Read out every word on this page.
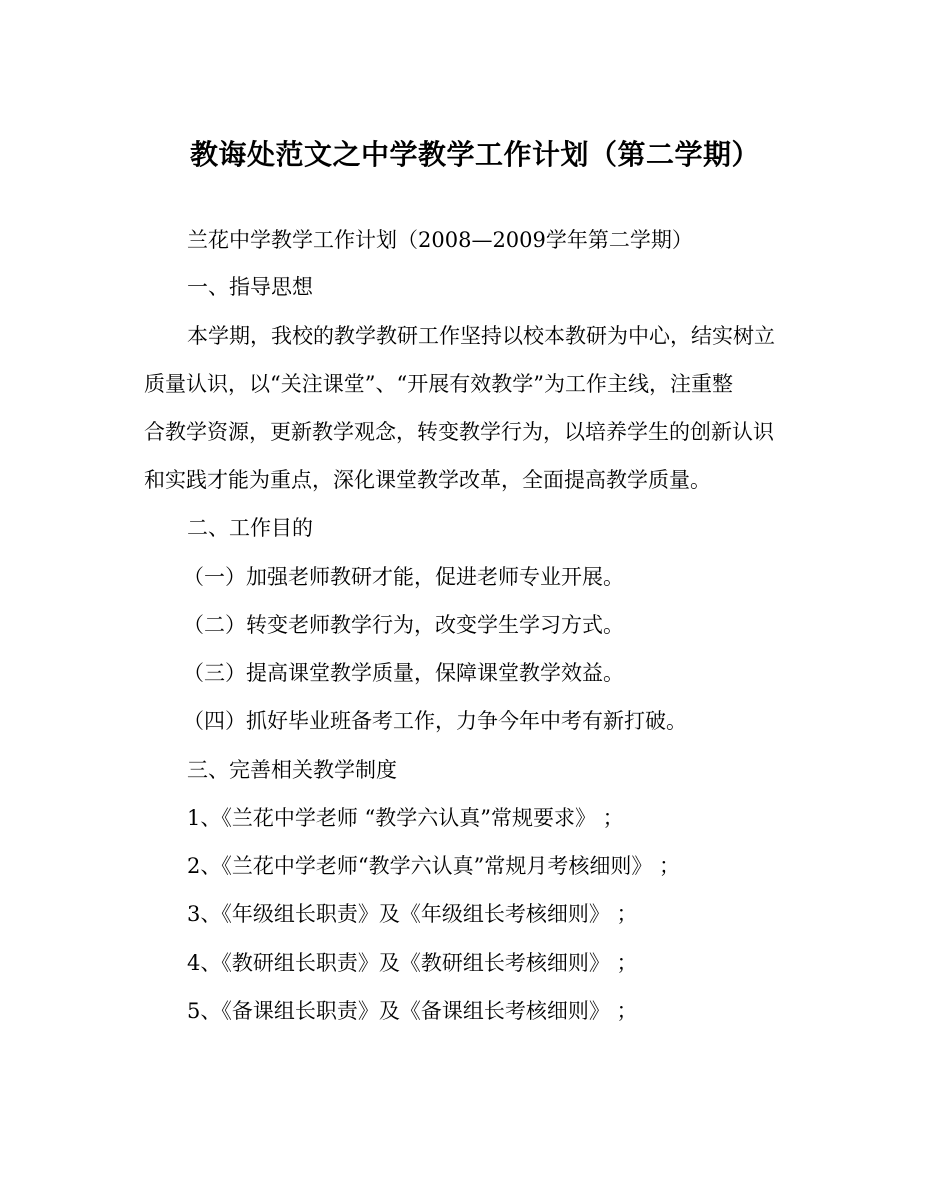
教诲处范文之中学教学工作计划（第二学期）
兰花中学教学工作计划（2008—2009学年第二学期）
一、指导思想
本学期，我校的教学教研工作坚持以校本教研为中心，结实树立
质量认识，以“关注课堂”、“开展有效教学”为工作主线，注重整
合教学资源，更新教学观念，转变教学行为，以培养学生的创新认识
和实践才能为重点，深化课堂教学改革，全面提高教学质量。
二、工作目的
（一）加强老师教研才能，促进老师专业开展。
（二）转变老师教学行为，改变学生学习方式。
（三）提高课堂教学质量，保障课堂教学效益。
（四）抓好毕业班备考工作，力争今年中考有新打破。
三、完善相关教学制度
1、《兰花中学老师 “教学六认真”常规要求》 ；
2、《兰花中学老师“教学六认真”常规月考核细则》 ；
3、《年级组长职责》及《年级组长考核细则》 ；
4、《教研组长职责》及《教研组长考核细则》 ；
5、《备课组长职责》及《备课组长考核细则》 ；
